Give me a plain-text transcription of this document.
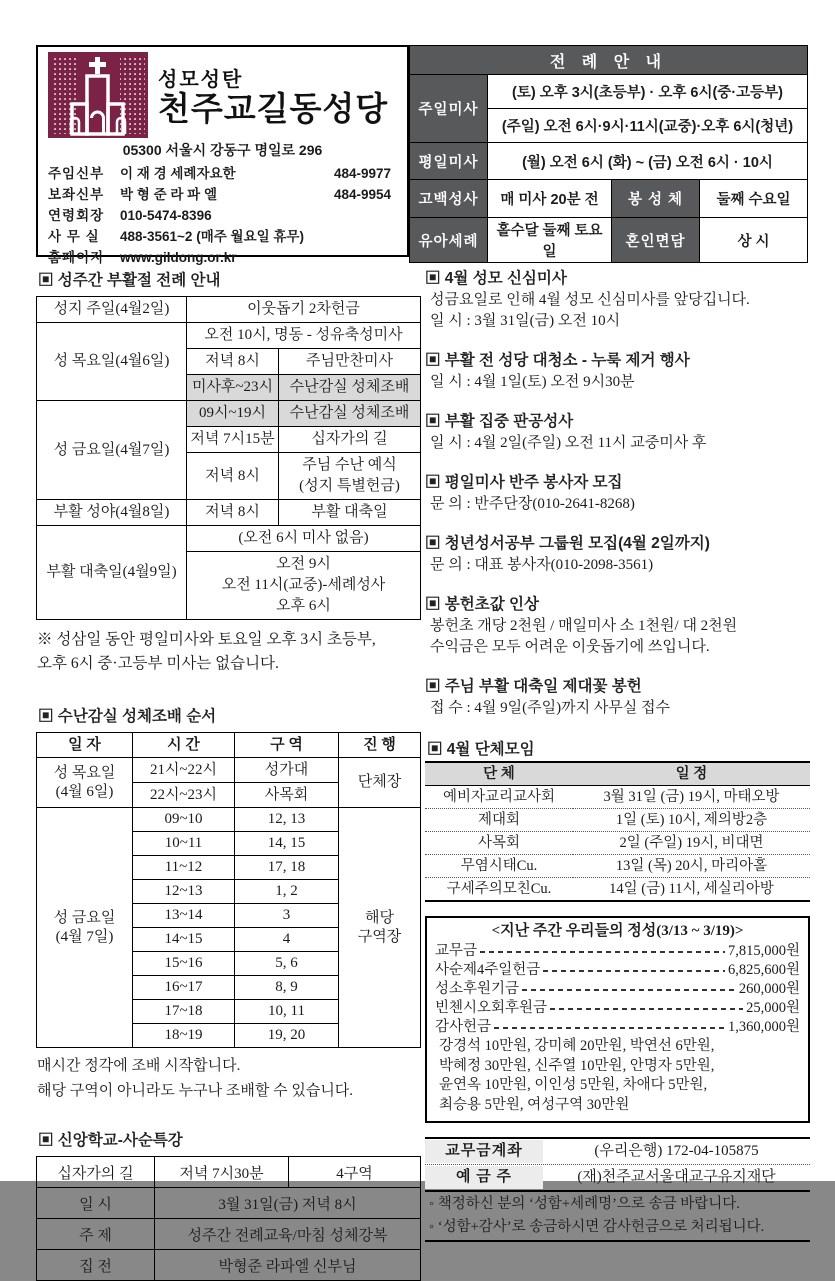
성모성탄
천주교길동성당
05300 서울시 강동구 명일로 296
주임신부	이 재 경 세례자요한	484-9977
보좌신부	박 형 준 라 파 엘	484-9954
연령회장	010-5474-8396
사 무 실	488-3561~2 (매주 월요일 휴무)
홈페이지	www.gildong.or.kr
전 례 안 내			
주일미사	(토) 오후 3시(초등부) · 오후 6시(중·고등부)		
	(주일) 오전 6시·9시·11시(교중)·오후 6시(청년)		
평일미사	(월) 오전 6시 (화) ~ (금) 오전 6시 · 10시		
고백성사	매 미사 20분 전	봉 성 체	둘째 수요일
유아세례	홀수달 둘째 토요일	혼인면담	상 시
▣ 성주간 부활절 전례 안내
성지 주일(4월2일)	이웃돕기 2차헌금	
성 목요일(4월6일)	오전 10시, 명동 - 성유축성미사	
	저녁 8시	주님만찬미사
	미사후~23시	수난감실 성체조배
성 금요일(4월7일)	09시~19시	수난감실 성체조배
	저녁 7시15분	십자가의 길
	저녁 8시	주님 수난 예식
(성지 특별헌금)

부활 성야(4월8일)	저녁 8시	부활 대축일
부활 대축일(4월9일)	(오전 6시 미사 없음)	

	오전 9시
오전 11시(교중)-세례성사
오후 6시	
※ 성삼일 동안 평일미사와 토요일 오후 3시 초등부,
오후 6시 중·고등부 미사는 없습니다.
▣ 수난감실 성체조배 순서
일 자	시 간	구 역	진 행

성 목요일
(4월 6일)	21시~22시	성가대	단체장
	22시~23시	사목회	

성 금요일
(4월 7일)
	09~10	12, 13	
해당
구역장

	10~11	14, 15	
	11~12	17, 18	
	12~13	1, 2	
	13~14	3	
	14~15	4	
	15~16	5, 6	
	16~17	8, 9	
	17~18	10, 11	
	18~19	19, 20	
매시간 정각에 조배 시작합니다.
해당 구역이 아니라도 누구나 조배할 수 있습니다.
▣ 신앙학교-사순특강
십자가의 길	저녁 7시30분	4구역
일 시	3월 31일(금) 저녁 8시	
주 제	성주간 전례교육/마침 성체강복	
집 전	박형준 라파엘 신부님	
▣ 4월 성모 신심미사
성금요일로 인해 4월 성모 신심미사를 앞당깁니다.
일 시 : 3월 31일(금) 오전 10시
▣ 부활 전 성당 대청소 - 누룩 제거 행사
일 시 : 4월 1일(토) 오전 9시30분
▣ 부활 집중 판공성사
일 시 : 4월 2일(주일) 오전 11시 교중미사 후
▣ 평일미사 반주 봉사자 모집
문 의 : 반주단장(010-2641-8268)
▣ 청년성서공부 그룹원 모집(4월 2일까지)
문 의 : 대표 봉사자(010-2098-3561)
▣ 봉헌초값 인상
봉헌초 개당 2천원 / 매일미사 소 1천원/ 대 2천원
수익금은 모두 어려운 이웃돕기에 쓰입니다.
▣ 주님 부활 대축일 제대꽃 봉헌
접 수 : 4월 9일(주일)까지 사무실 접수
▣ 4월 단체모임
단 체	일 정
예비자교리교사회	3월 31일 (금) 19시, 마태오방
제대회	1일 (토) 10시, 제의방2층
사목회	2일 (주일) 19시, 비대면
무염시태Cu.	13일 (목) 20시, 마리아홀
구세주의모친Cu.	14일 (금) 11시, 세실리아방
<지난 주간 우리들의 정성(3/13 ~ 3/19)>
교무금	7,815,000원
사순제4주일헌금	6,825,600원
성소후원기금	260,000원
빈첸시오회후원금	25,000원
감사헌금	1,360,000원
강경석 10만원, 강미혜 20만원, 박연선 6만원,
박혜정 30만원, 신주열 10만원, 안명자 5만원,
윤연옥 10만원, 이인성 5만원, 차애다 5만원,
최승용 5만원, 여성구역 30만원
교무금계좌	(우리은행) 172-04-105875
예 금 주	(재)천주교서울대교구유지재단
◦ 책정하신 분의 ‘성함+세례명’으로 송금 바랍니다.
◦ ‘성함+감사’로 송금하시면 감사헌금으로 처리됩니다.
